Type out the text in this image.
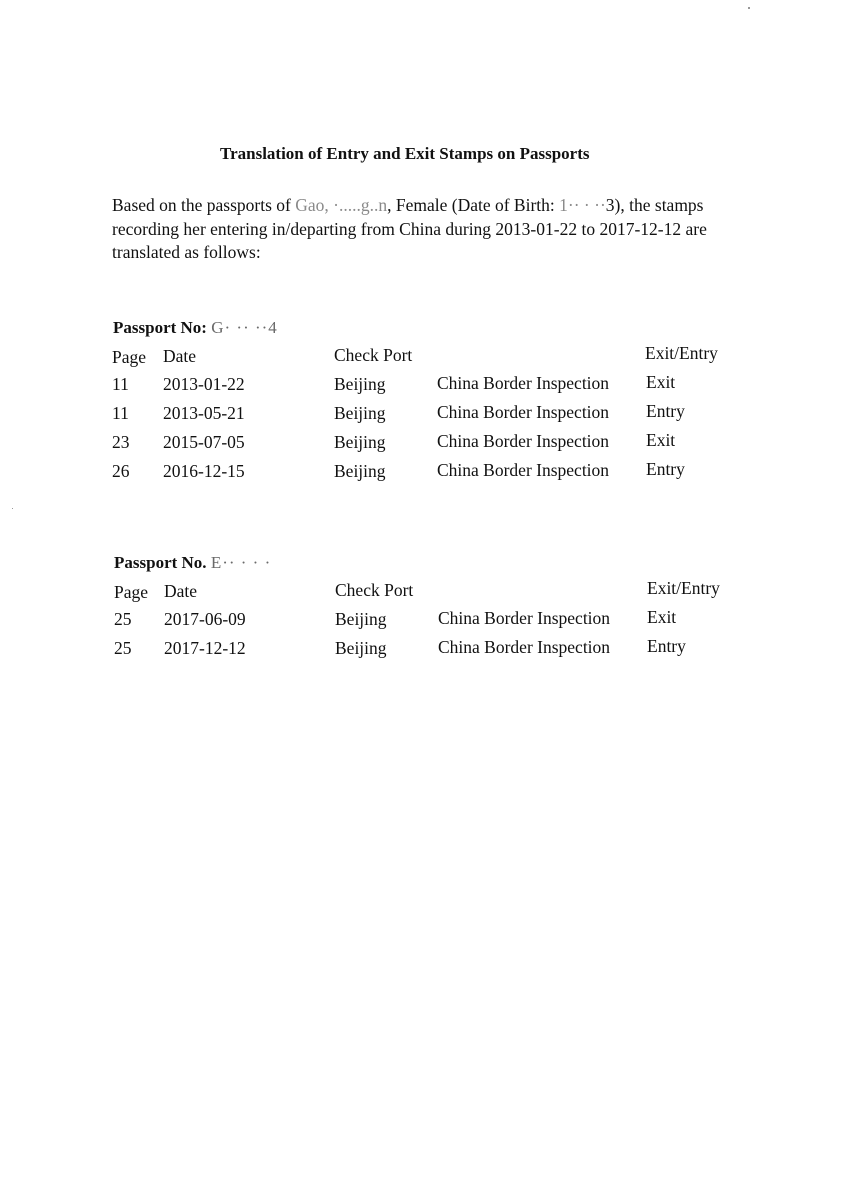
Translation of Entry and Exit Stamps on Passports
Based on the passports of Gao, ·.....g..n, Female (Date of Birth: 1·· · ··3), the stamps recording her entering in/departing from China during 2013-01-22 to 2017-12-12 are translated as follows:
Passport No: G· ·· ··4
Page Date	Check Port	Exit/Entry
11 2013-01-22	Beijing	China Border Inspection Exit
11 2013-05-21	Beijing	China Border Inspection Entry
23 2015-07-05	Beijing	China Border Inspection Exit
26 2016-12-15	Beijing	China Border Inspection Entry
Passport No. E·· · · ·
Page Date	Check Port	Exit/Entry
25 2017-06-09	Beijing	China Border Inspection Exit
25 2017-12-12	Beijing	China Border Inspection Entry
